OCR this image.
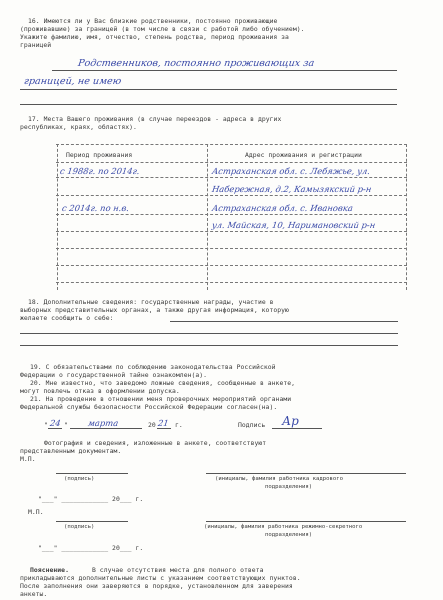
16. Имеются ли у Вас близкие родственники, постоянно проживающие
(проживавшие) за границей (в том числе в связи с работой либо обучением).
Укажите фамилию, имя, отчество, степень родства, период проживания за
границей
Родственников, постоянно проживающих за
границей, не имею
17. Места Вашего проживания (в случае переездов - адреса в других
республиках, краях, областях).
Период проживания	Адрес проживания и регистрации
с 1988г. по 2014г.	Астраханская обл. с. Лебяжье, ул.
Набережная, д.2, Камызякский р-н
с 2014г. по н.в.	Астраханская обл. с. Ивановка
ул. Майская, 10, Наримановский р-н
18. Дополнительные сведения: государственные награды, участие в
выборных представительных органах, а также другая информация, которую
желаете сообщить о себе:
19. С обязательствами по соблюдению законодательства Российской
Федерации о государственной тайне ознакомлен(а).
20. Мне известно, что заведомо ложные сведения, сообщенные в анкете,
могут повлечь отказ в оформлении допуска.
21. На проведение в отношении меня проверочных мероприятий органами
Федеральной службы безопасности Российской Федерации согласен(на).
" 24 " марта	20 21 г.	Подпись Ар
Фотография и сведения, изложенные в анкете, соответствуют
представленным документам.
М.П.
(подпись)	(инициалы, фамилия работника кадрового
подразделения)
"___" ____________ 20___ г.
М.П.
(подпись)	(инициалы, фамилия работника режимно-секретного
подразделения)
"___" ____________ 20___ г.
Пояснение.	В случае отсутствия места для полного ответа
прикладываются дополнительные листы с указанием соответствующих пунктов.
После заполнения они заверяются в порядке, установленном для заверения
анкеты.
